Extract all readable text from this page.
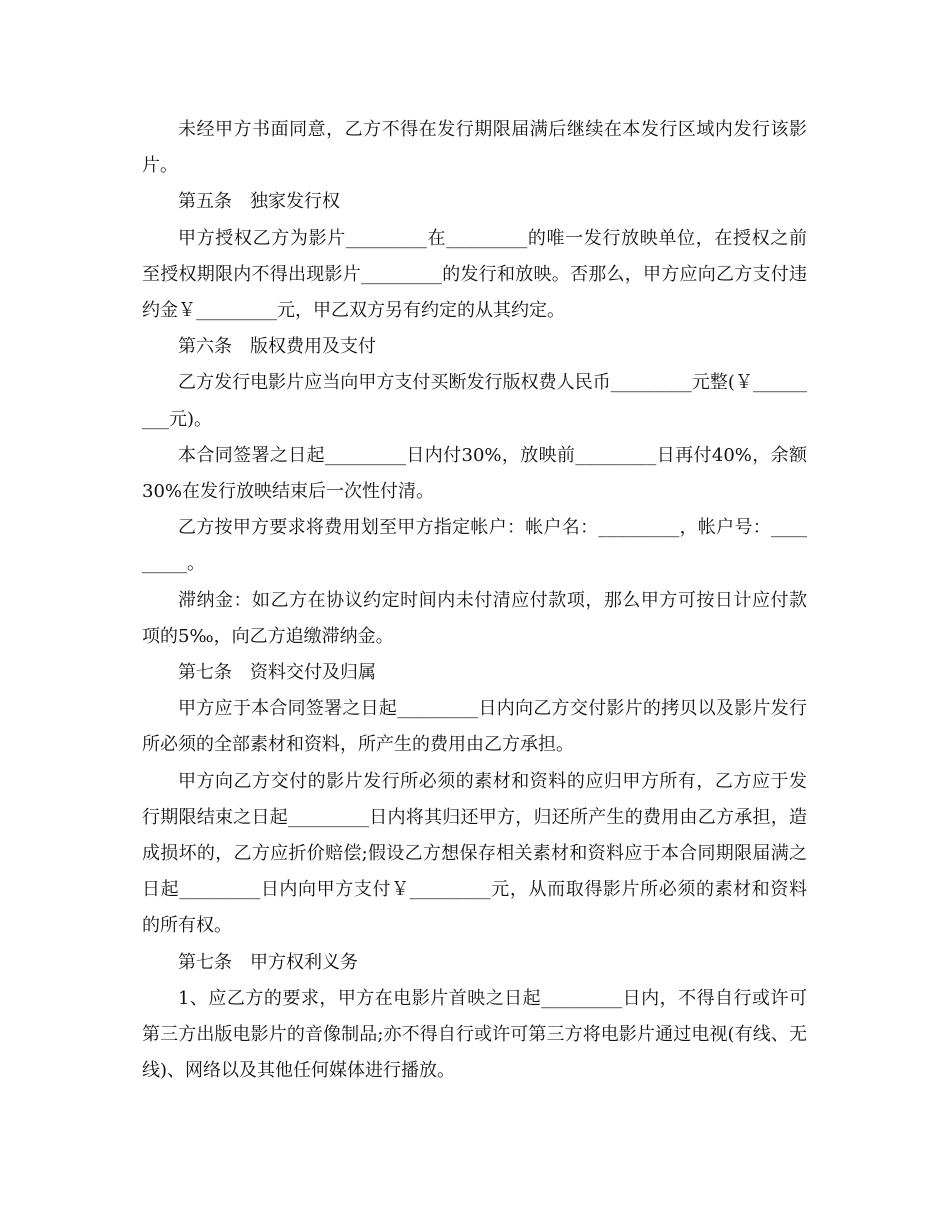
未经甲方书面同意，乙方不得在发行期限届满后继续在本发行区域内发行该影片。

第五条　独家发行权

甲方授权乙方为影片_________在_________的唯一发行放映单位，在授权之前至授权期限内不得出现影片_________的发行和放映。否那么，甲方应向乙方支付违约金￥_________元，甲乙双方另有约定的从其约定。

第六条　版权费用及支付

乙方发行电影片应当向甲方支付买断发行版权费人民币_________元整(￥_________元)。

本合同签署之日起_________日内付30%，放映前_________日再付40%，余额30%在发行放映结束后一次性付清。

乙方按甲方要求将费用划至甲方指定帐户：帐户名：_________，帐户号：_________。

滞纳金：如乙方在协议约定时间内未付清应付款项，那么甲方可按日计应付款项的5‰，向乙方追缴滞纳金。

第七条　资料交付及归属

甲方应于本合同签署之日起_________日内向乙方交付影片的拷贝以及影片发行所必须的全部素材和资料，所产生的费用由乙方承担。

甲方向乙方交付的影片发行所必须的素材和资料的应归甲方所有，乙方应于发行期限结束之日起_________日内将其归还甲方，归还所产生的费用由乙方承担，造成损坏的，乙方应折价赔偿;假设乙方想保存相关素材和资料应于本合同期限届满之日起_________日内向甲方支付￥_________元，从而取得影片所必须的素材和资料的所有权。

第七条　甲方权利义务

1、应乙方的要求，甲方在电影片首映之日起_________日内，不得自行或许可第三方出版电影片的音像制品;亦不得自行或许可第三方将电影片通过电视(有线、无线)、网络以及其他任何媒体进行播放。
